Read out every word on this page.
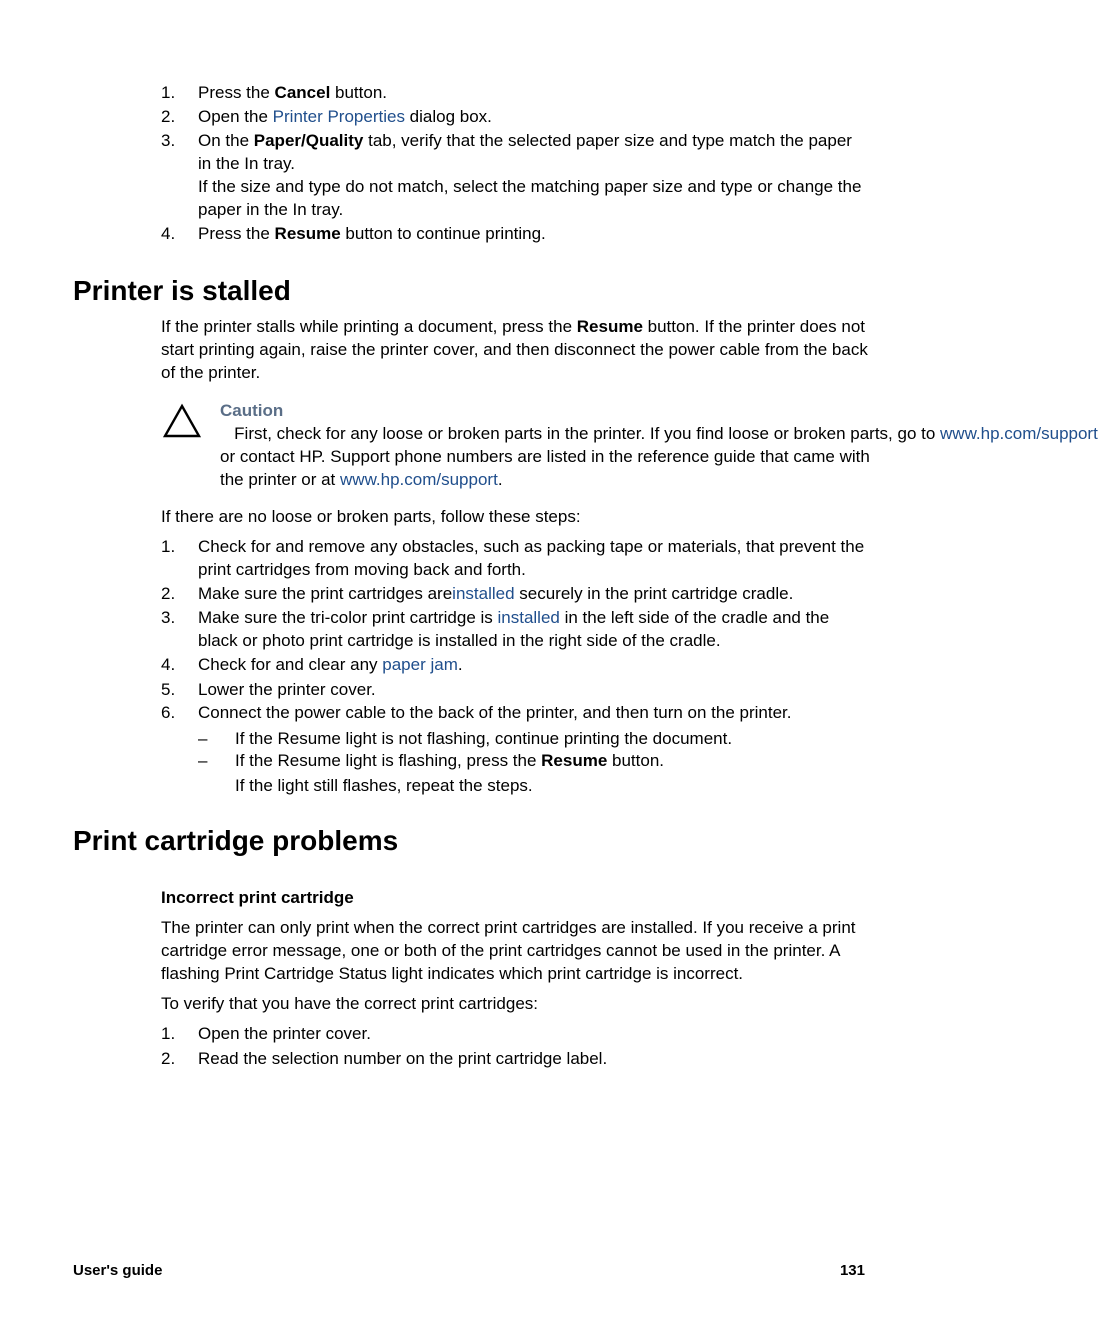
1. Press the Cancel button.
2. Open the Printer Properties dialog box.
3. On the Paper/Quality tab, verify that the selected paper size and type match the paper in the In tray.
If the size and type do not match, select the matching paper size and type or change the paper in the In tray.
4. Press the Resume button to continue printing.
Printer is stalled

If the printer stalls while printing a document, press the Resume button. If the printer does not start printing again, raise the printer cover, and then disconnect the power cable from the back of the printer.

Caution   First, check for any loose or broken parts in the printer. If you find loose or broken parts, go to www.hp.com/support or contact HP. Support phone numbers are listed in the reference guide that came with the printer or at www.hp.com/support.

If there are no loose or broken parts, follow these steps:

1. Check for and remove any obstacles, such as packing tape or materials, that prevent the print cartridges from moving back and forth.
2. Make sure the print cartridges areinstalled securely in the print cartridge cradle.
3. Make sure the tri-color print cartridge is installed in the left side of the cradle and the black or photo print cartridge is installed in the right side of the cradle.
4. Check for and clear any paper jam.
5. Lower the printer cover.
6. Connect the power cable to the back of the printer, and then turn on the printer.
– If the Resume light is not flashing, continue printing the document.
– If the Resume light is flashing, press the Resume button.
If the light still flashes, repeat the steps.
Print cartridge problems
Incorrect print cartridge

The printer can only print when the correct print cartridges are installed. If you receive a print cartridge error message, one or both of the print cartridges cannot be used in the printer. A flashing Print Cartridge Status light indicates which print cartridge is incorrect.

To verify that you have the correct print cartridges:

1. Open the printer cover.
2. Read the selection number on the print cartridge label.
User's guide	131
